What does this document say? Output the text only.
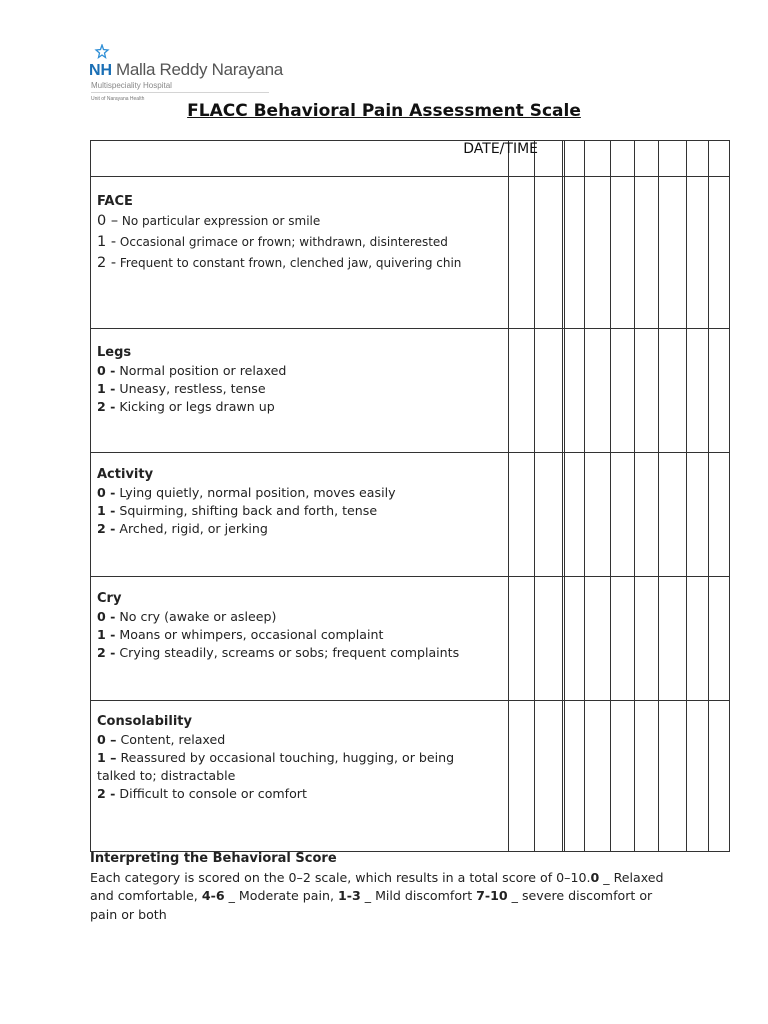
NH Malla Reddy Narayana
Multispeciality Hospital
Unit of Narayana Health
FLACC Behavioral Pain Assessment Scale
DATE/TIME
FACE
0 – No particular expression or smile
1 - Occasional grimace or frown; withdrawn, disinterested
2 - Frequent to constant frown, clenched jaw, quivering chin
Legs
0 - Normal position or relaxed
1 - Uneasy, restless, tense
2 - Kicking or legs drawn up
Activity
0 - Lying quietly, normal position, moves easily
1 - Squirming, shifting back and forth, tense
2 - Arched, rigid, or jerking
Cry
0 - No cry (awake or asleep)
1 - Moans or whimpers, occasional complaint
2 - Crying steadily, screams or sobs; frequent complaints
Consolability
0 – Content, relaxed
1 – Reassured by occasional touching, hugging, or being talked to; distractable
2 - Difficult to console or comfort
Interpreting the Behavioral Score
Each category is scored on the 0–2 scale, which results in a total score of 0–10.0 _ Relaxed and comfortable, 4-6 _ Moderate pain, 1-3 _ Mild discomfort 7-10 _ severe discomfort or pain or both
